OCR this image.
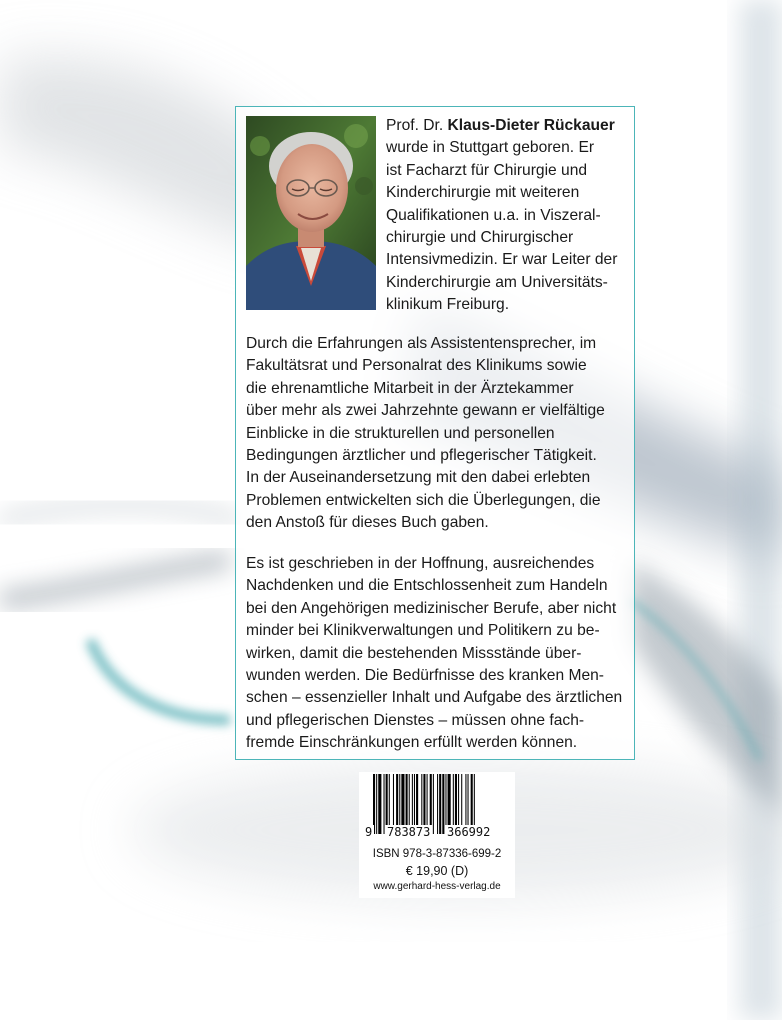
Prof. Dr. Klaus-Dieter Rückauer
wurde in Stuttgart geboren. Er
ist Facharzt für Chirurgie und
Kinderchirurgie mit weiteren
Qualifikationen u.a. in Viszeral-
chirurgie und Chirurgischer
Intensivmedizin. Er war Leiter der
Kinderchirurgie am Universitäts-
klinikum Freiburg.
Durch die Erfahrungen als Assistentensprecher, im
Fakultätsrat und Personalrat des Klinikums sowie
die ehrenamtliche Mitarbeit in der Ärztekammer
über mehr als zwei Jahrzehnte gewann er vielfältige
Einblicke in die strukturellen und personellen
Bedingungen ärztlicher und pflegerischer Tätigkeit.
In der Auseinandersetzung mit den dabei erlebten
Problemen entwickelten sich die Überlegungen, die
den Anstoß für dieses Buch gaben.
Es ist geschrieben in der Hoffnung, ausreichendes
Nachdenken und die Entschlossenheit zum Handeln
bei den Angehörigen medizinischer Berufe, aber nicht
minder bei Klinikverwaltungen und Politikern zu be-
wirken, damit die bestehenden Missstände über-
wunden werden. Die Bedürfnisse des kranken Men-
schen – essenzieller Inhalt und Aufgabe des ärztlichen
und pflegerischen Dienstes – müssen ohne fach-
fremde Einschränkungen erfüllt werden können.
9 783873 366992
ISBN 978-3-87336-699-2
€ 19,90 (D)
www.gerhard-hess-verlag.de
